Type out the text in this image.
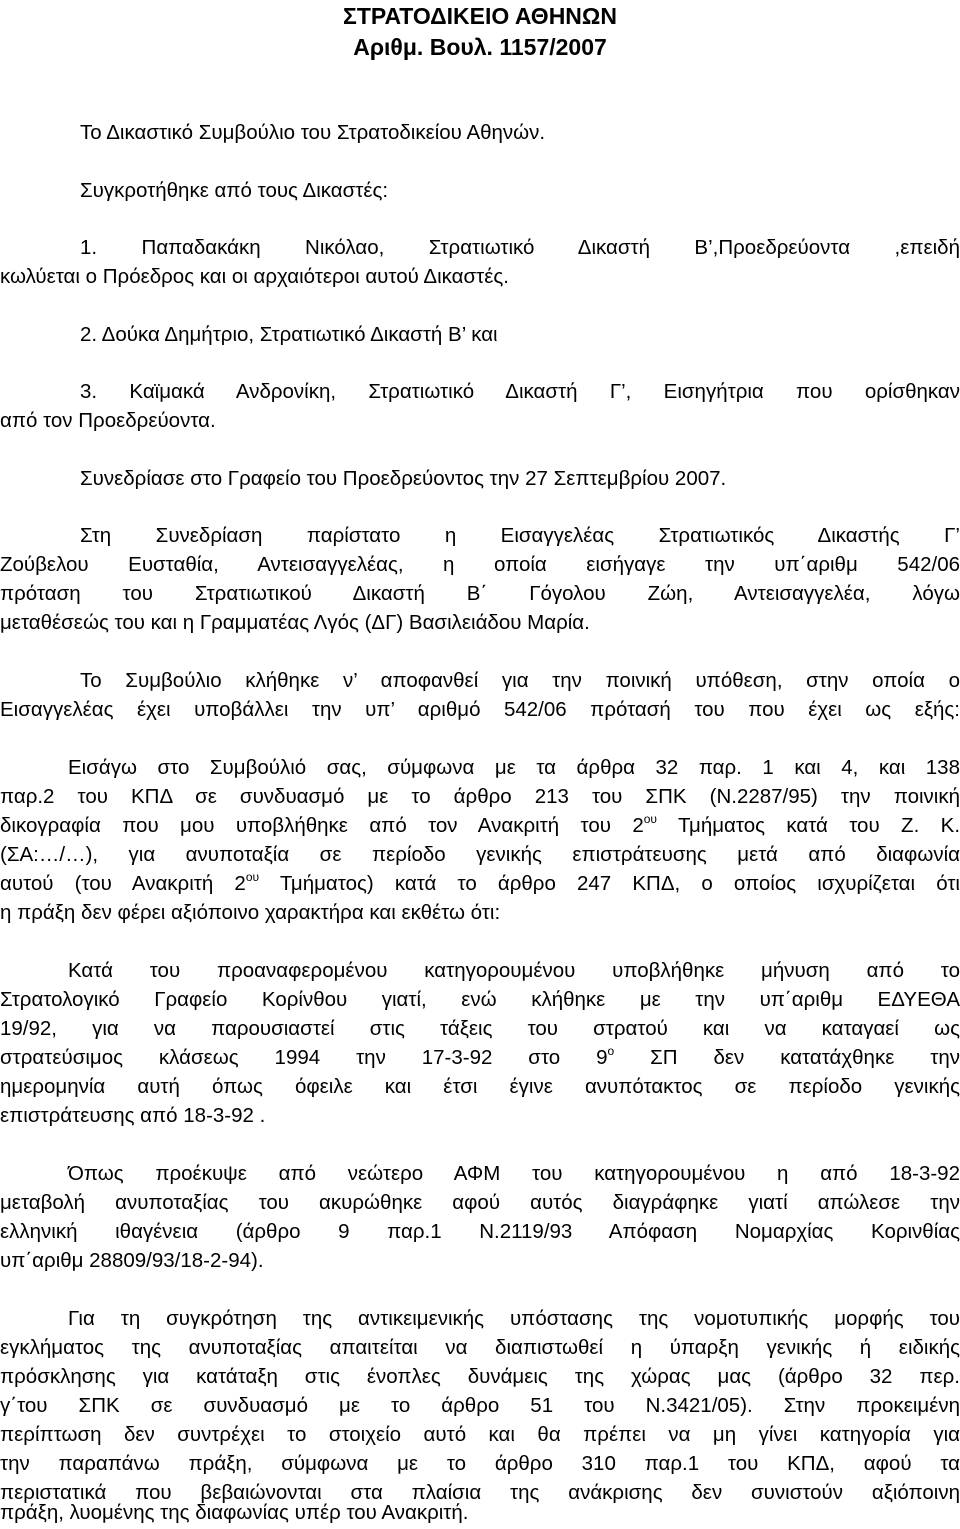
ΣΤΡΑΤΟΔΙΚΕΙΟ ΑΘΗΝΩΝ
Αριθμ. Βουλ. 1157/2007
Το Δικαστικό Συμβούλιο του Στρατοδικείου Αθηνών.
Συγκροτήθηκε από τους Δικαστές:
1. Παπαδακάκη Νικόλαο, Στρατιωτικό Δικαστή Β’,Προεδρεύοντα ,επειδή
κωλύεται ο Πρόεδρος και οι αρχαιότεροι αυτού Δικαστές.
2. Δούκα Δημήτριο, Στρατιωτικό Δικαστή Β’ και
3. Καϊμακά Ανδρονίκη, Στρατιωτικό Δικαστή Γ’, Εισηγήτρια που ορίσθηκαν
από τον Προεδρεύοντα.
Συνεδρίασε στο Γραφείο του Προεδρεύοντος την 27 Σεπτεμβρίου 2007.
Στη Συνεδρίαση παρίστατο η Εισαγγελέας Στρατιωτικός Δικαστής Γ’
Ζούβελου Ευσταθία, Αντεισαγγελέας, η οποία εισήγαγε την υπ΄αριθμ 542/06
πρόταση του Στρατιωτικού Δικαστή Β΄ Γόγολου Ζώη, Αντεισαγγελέα, λόγω
μεταθέσεώς του και η Γραμματέας Λγός (ΔΓ) Βασιλειάδου Μαρία.
Το Συμβούλιο κλήθηκε ν’ αποφανθεί για την ποινική υπόθεση, στην οποία ο
Εισαγγελέας έχει υποβάλλει την υπ’ αριθμό 542/06 πρότασή του που έχει ως εξής:
Εισάγω στο Συμβούλιό σας, σύμφωνα με τα άρθρα 32 παρ. 1 και 4, και 138
παρ.2 του ΚΠΔ σε συνδυασμό με το άρθρο 213 του ΣΠΚ (Ν.2287/95) την ποινική
δικογραφία που μου υποβλήθηκε από τον Ανακριτή του $2^{o\upsilon}$ Τμήματος κατά του Ζ. Κ.
(ΣΑ:…/…), για ανυποταξία σε περίοδο γενικής επιστράτευσης μετά από διαφωνία
αυτού (του Ανακριτή $2^{o\upsilon}$ Τμήματος) κατά το άρθρο 247 ΚΠΔ, ο οποίος ισχυρίζεται ότι
η πράξη δεν φέρει αξιόποινο χαρακτήρα και εκθέτω ότι:
Κατά του προαναφερομένου κατηγορουμένου υποβλήθηκε μήνυση από το
Στρατολογικό Γραφείο Κορίνθου γιατί, ενώ κλήθηκε με την υπ΄αριθμ ΕΔΥΕΘΑ
19/92, για να παρουσιαστεί στις τάξεις του στρατού και να καταγαεί ως
στρατεύσιμος κλάσεως 1994 την 17-3-92 στο $9^o$ ΣΠ δεν κατατάχθηκε την
ημερομηνία αυτή όπως όφειλε και έτσι έγινε ανυπότακτος σε περίοδο γενικής
επιστράτευσης από 18-3-92 .
Όπως προέκυψε από νεώτερο ΑΦΜ του κατηγορουμένου η από 18-3-92
μεταβολή ανυποταξίας του ακυρώθηκε αφού αυτός διαγράφηκε γιατί απώλεσε την
ελληνική ιθαγένεια (άρθρο 9 παρ.1 Ν.2119/93 Απόφαση Νομαρχίας Κορινθίας
υπ΄αριθμ 28809/93/18-2-94).
Για τη συγκρότηση της αντικειμενικής υπόστασης της νομοτυπικής μορφής του
εγκλήματος της ανυποταξίας απαιτείται να διαπιστωθεί η ύπαρξη γενικής ή ειδικής
πρόσκλησης για κατάταξη στις ένοπλες δυνάμεις της χώρας μας (άρθρο 32 περ.
γ΄του ΣΠΚ σε συνδυασμό με το άρθρο 51 του Ν.3421/05). Στην προκειμένη
περίπτωση δεν συντρέχει το στοιχείο αυτό και θα πρέπει να μη γίνει κατηγορία για
την παραπάνω πράξη, σύμφωνα με το άρθρο 310 παρ.1 του ΚΠΔ, αφού τα
περιστατικά που βεβαιώνονται στα πλαίσια της ανάκρισης δεν συνιστούν αξιόποινη
πράξη, λυομένης της διαφωνίας υπέρ του Ανακριτή.
